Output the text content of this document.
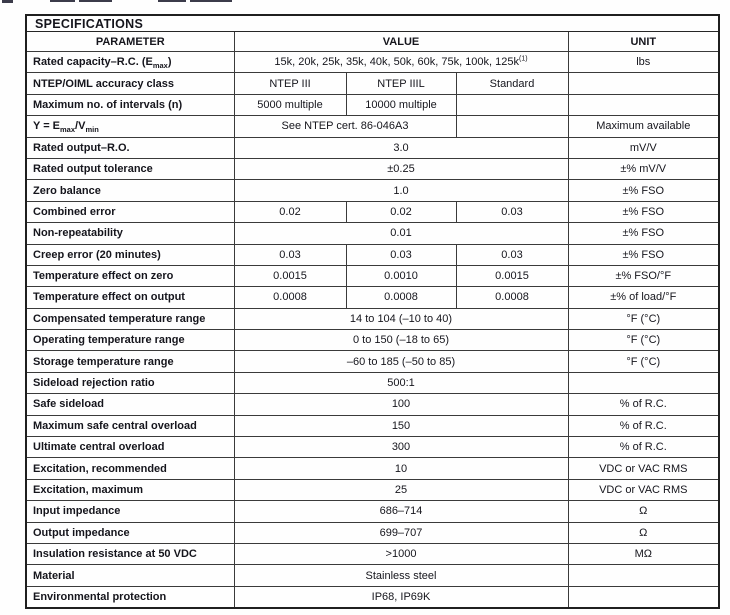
SPECIFICATIONS				
PARAMETER	VALUE			UNIT
Rated capacity–R.C. $(E_{max})$	15k, 20k, 25k, 35k, 40k, 50k, 60k, 75k, 100k, $125k^{(1)}$			lbs
NTEP/OIML accuracy class	NTEP III	NTEP IIIL	Standard	
Maximum no. of intervals (n)	5000 multiple	10000 multiple		
$Y = E_{max}/V_{min}$	See NTEP cert. 86-046A3			Maximum available
Rated output–R.O.	3.0			mV/V
Rated output tolerance	±0.25			±% mV/V
Zero balance	1.0			±% FSO
Combined error	0.02	0.02	0.03	±% FSO
Non-repeatability	0.01			±% FSO
Creep error (20 minutes)	0.03	0.03	0.03	±% FSO
Temperature effect on zero	0.0015	0.0010	0.0015	±% FSO/°F
Temperature effect on output	0.0008	0.0008	0.0008	±% of load/°F
Compensated temperature range	14 to 104 (–10 to 40)			°F (°C)
Operating temperature range	0 to 150 (–18 to 65)			°F (°C)
Storage temperature range	–60 to 185 (–50 to 85)			°F (°C)
Sideload rejection ratio	500:1			
Safe sideload	100			% of R.C.
Maximum safe central overload	150			% of R.C.
Ultimate central overload	300			% of R.C.
Excitation, recommended	10			VDC or VAC RMS
Excitation, maximum	25			VDC or VAC RMS
Input impedance	686–714			Ω
Output impedance	699–707			Ω
Insulation resistance at 50 VDC	>1000			MΩ
Material	Stainless steel			
Environmental protection	IP68, IP69K			
